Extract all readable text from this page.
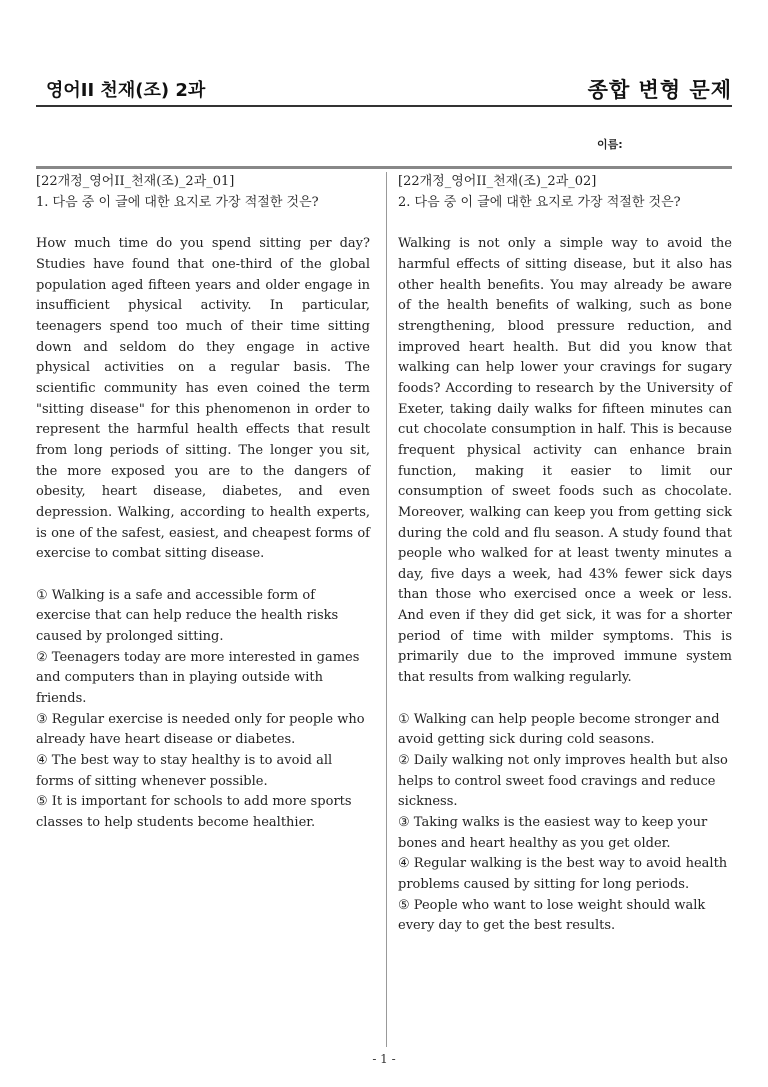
영어II 천재(조) 2과	종합 변형 문제
이름:
[22개정_영어II_천재(조)_2과_01]
1. 다음 중 이 글에 대한 요지로 가장 적절한 것은?
How much time do you spend sitting per day? Studies have found that one-third of the global population aged fifteen years and older engage in insufficient physical activity. In particular, teenagers spend too much of their time sitting down and seldom do they engage in active physical activities on a regular basis. The scientific community has even coined the term "sitting disease" for this phenomenon in order to represent the harmful health effects that result from long periods of sitting. The longer you sit, the more exposed you are to the dangers of obesity, heart disease, diabetes, and even depression. Walking, according to health experts, is one of the safest, easiest, and cheapest forms of exercise to combat sitting disease.
① Walking is a safe and accessible form of exercise that can help reduce the health risks caused by prolonged sitting.
② Teenagers today are more interested in games and computers than in playing outside with friends.
③ Regular exercise is needed only for people who already have heart disease or diabetes.
④ The best way to stay healthy is to avoid all forms of sitting whenever possible.
⑤ It is important for schools to add more sports classes to help students become healthier.
[22개정_영어II_천재(조)_2과_02]
2. 다음 중 이 글에 대한 요지로 가장 적절한 것은?
Walking is not only a simple way to avoid the harmful effects of sitting disease, but it also has other health benefits. You may already be aware of the health benefits of walking, such as bone strengthening, blood pressure reduction, and improved heart health. But did you know that walking can help lower your cravings for sugary foods? According to research by the University of Exeter, taking daily walks for fifteen minutes can cut chocolate consumption in half. This is because frequent physical activity can enhance brain function, making it easier to limit our consumption of sweet foods such as chocolate. Moreover, walking can keep you from getting sick during the cold and flu season. A study found that people who walked for at least twenty minutes a day, five days a week, had 43% fewer sick days than those who exercised once a week or less. And even if they did get sick, it was for a shorter period of time with milder symptoms. This is primarily due to the improved immune system that results from walking regularly.
① Walking can help people become stronger and avoid getting sick during cold seasons.
② Daily walking not only improves health but also helps to control sweet food cravings and reduce sickness.
③ Taking walks is the easiest way to keep your bones and heart healthy as you get older.
④ Regular walking is the best way to avoid health problems caused by sitting for long periods.
⑤ People who want to lose weight should walk every day to get the best results.
- 1 -
